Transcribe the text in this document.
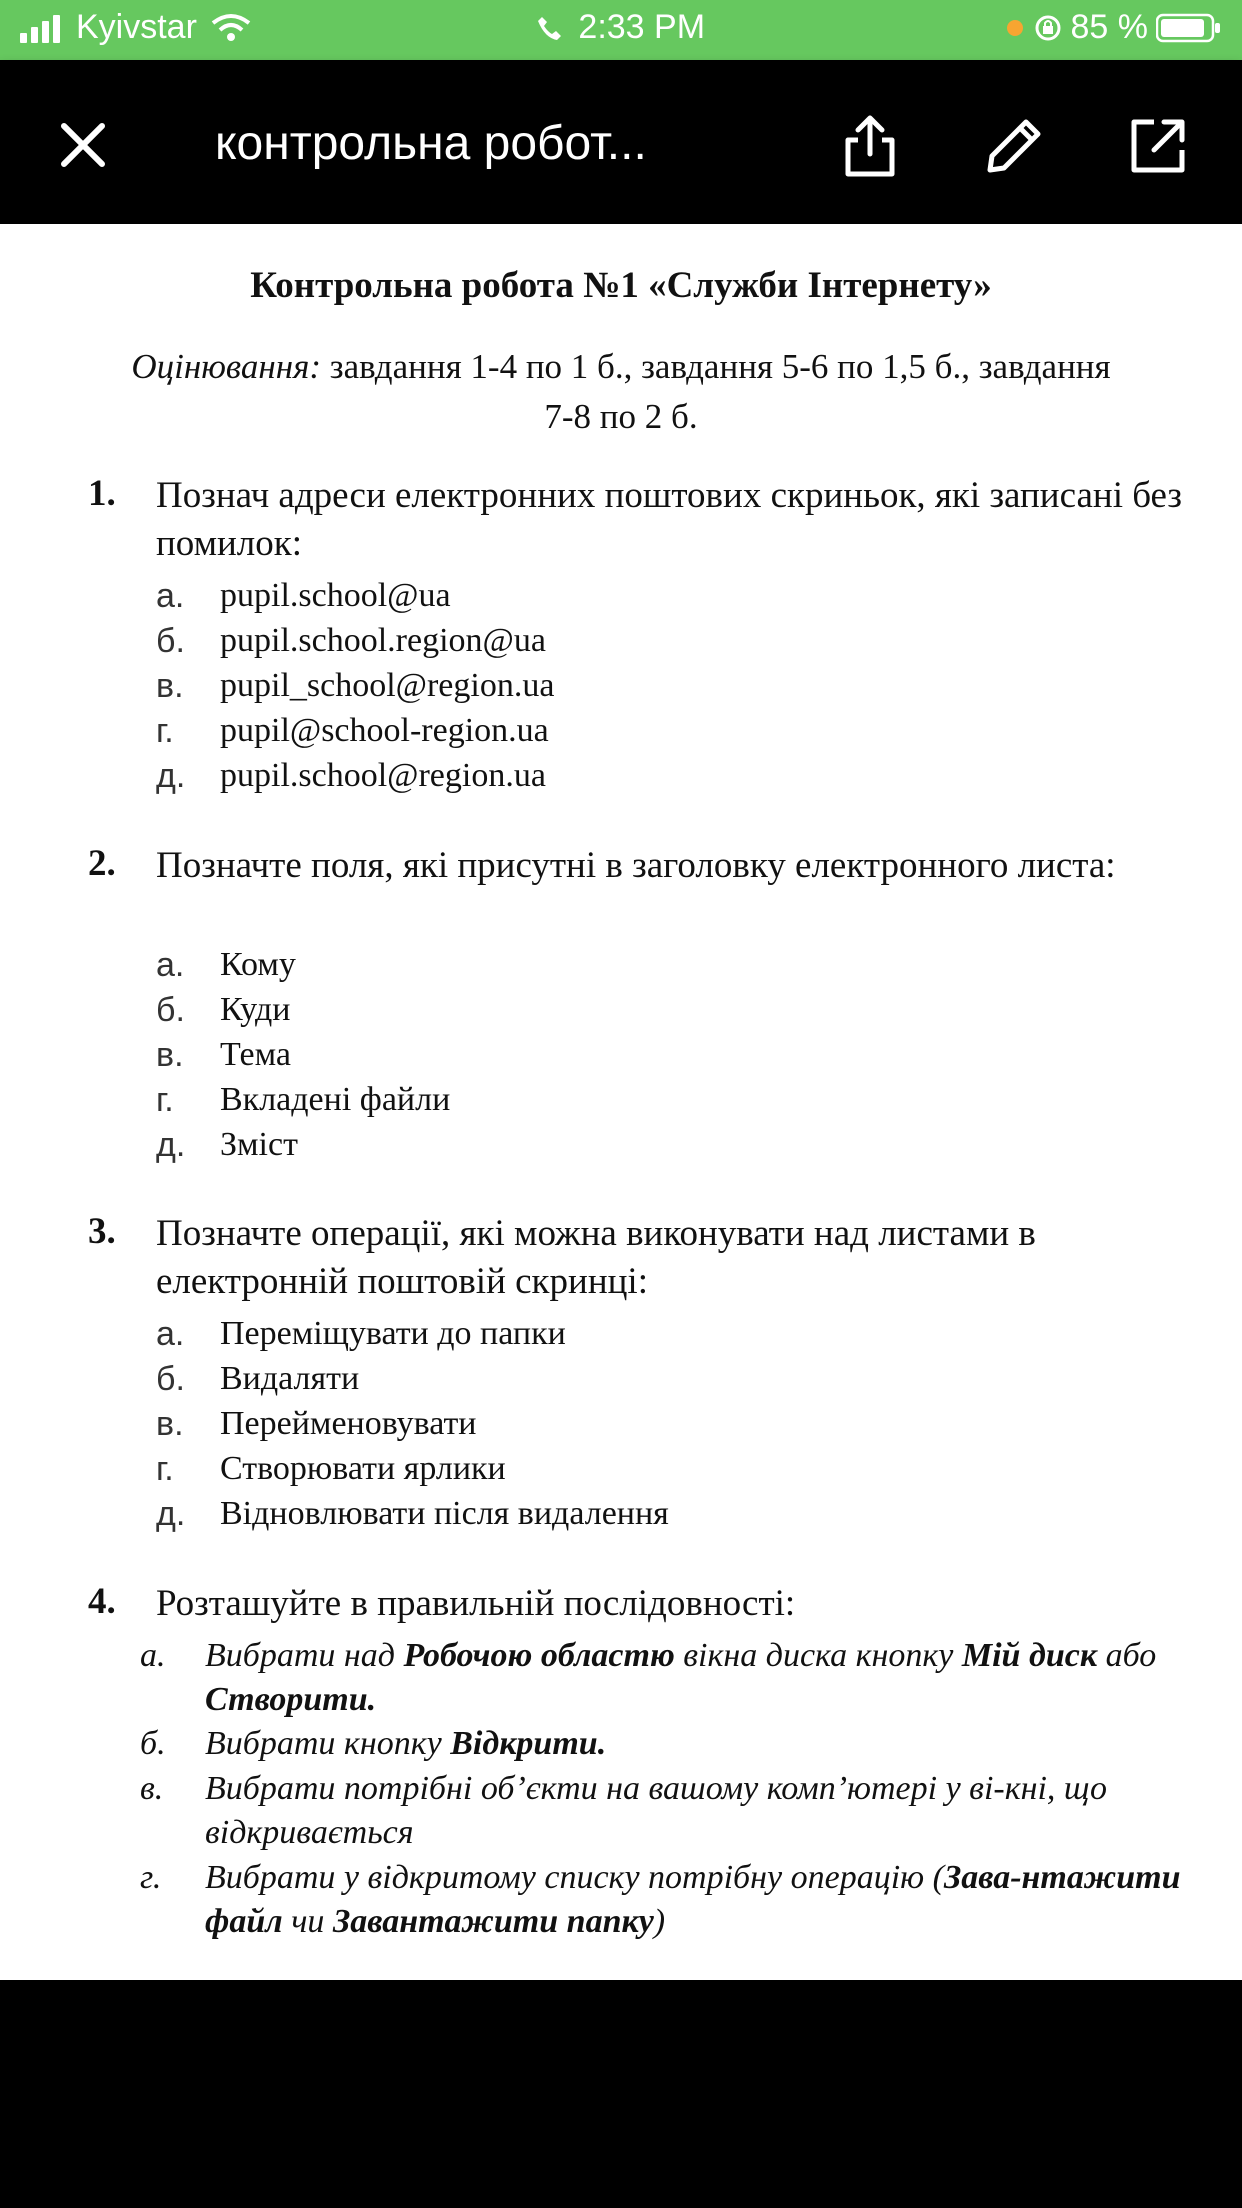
Kyivstar	2:33 PM	85 %
контрольна робот...
Контрольна робота №1 «Служби Інтернету»
Оцінювання: завдання 1-4 по 1 б., завдання 5-6 по 1,5 б., завдання
7-8 по 2 б.
1. Познач адреси електронних поштових скриньок, які записані без помилок:
а. pupil.school@ua
б. pupil.school.region@ua
в. pupil_school@region.ua
г. pupil@school-region.ua
д. pupil.school@region.ua
2. Позначте поля, які присутні в заголовку електронного листа:
а. Кому
б. Куди
в. Тема
г. Вкладені файли
д. Зміст
3. Позначте операції, які можна виконувати над листами в електронній поштовій скринці:
а. Переміщувати до папки
б. Видаляти
в. Перейменовувати
г. Створювати ярлики
д. Відновлювати після видалення
4. Розташуйте в правильній послідовності:
а. Вибрати над Робочою областю вікна диска кнопку Мій диск або Створити.
б. Вибрати кнопку Відкрити.
в. Вибрати потрібні об’єкти на вашому комп’ютері у ві-кні, що відкривається
г. Вибрати у відкритому списку потрібну операцію (Зава-нтажити файл чи Завантажити папку)
